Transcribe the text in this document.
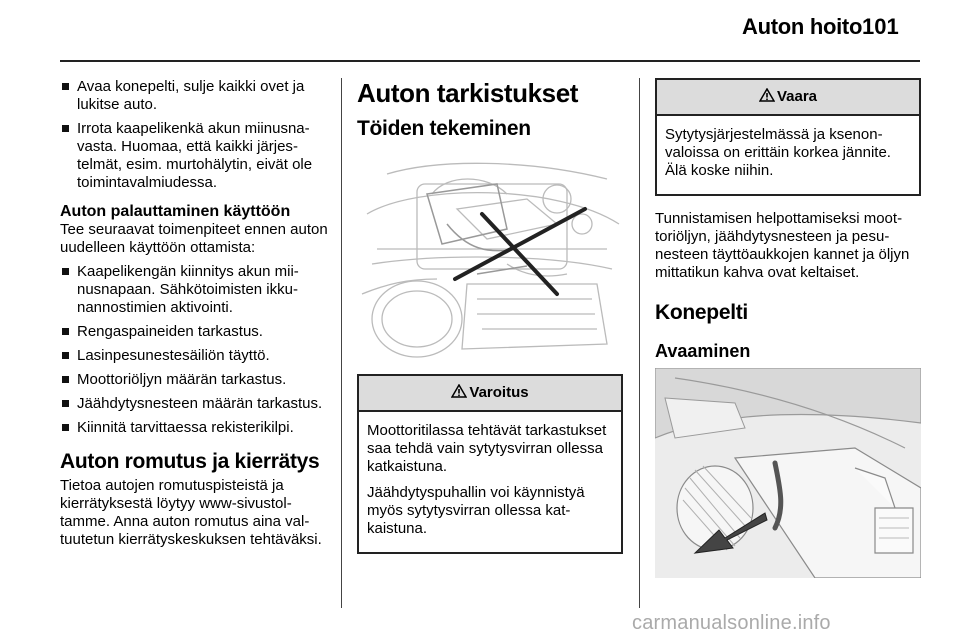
Auton hoito 101
Avaa konepelti, sulje kaikki ovet ja lukitse auto.
Irrota kaapelikenkä akun miinusnavasta. Huomaa, että kaikki järjestelmät, esim. murtohälytin, eivät ole toimintavalmiudessa.
Auton palauttaminen käyttöön

Tee seuraavat toimenpiteet ennen auton uudelleen käyttöön ottamista:

Kaapelikengän kiinnitys akun miinusnapaan. Sähkötoimisten ikkunannostimien aktivointi.
Rengaspaineiden tarkastus.
Lasinpesunestesäiliön täyttö.
Moottoriöljyn määrän tarkastus.
Jäähdytysnesteen määrän tarkastus.
Kiinnitä tarvittaessa rekisterikilpi.
Auton romutus ja kierrätys

Tietoa autojen romutuspisteistä ja kierrätyksestä löytyy www-sivustoltamme. Anna auton romutus aina valtuutetun kierrätyskeskuksen tehtäväksi.

Auton tarkistukset
Töiden tekeminen
Varoitus

Moottoritilassa tehtävät tarkastukset saa tehdä vain sytytysvirran ollessa katkaistuna.

Jäähdytyspuhallin voi käynnistyä myös sytytysvirran ollessa katkaistuna.

Vaara

Sytytysjärjestelmässä ja ksenonvaloissa on erittäin korkea jännite. Älä koske niihin.

Tunnistamisen helpottamiseksi moottoriöljyn, jäähdytysnesteen ja pesunesteen täyttöaukkojen kannet ja öljyn mittatikun kahva ovat keltaiset.

Konepelti
Avaaminen
carmanualsonline.info
